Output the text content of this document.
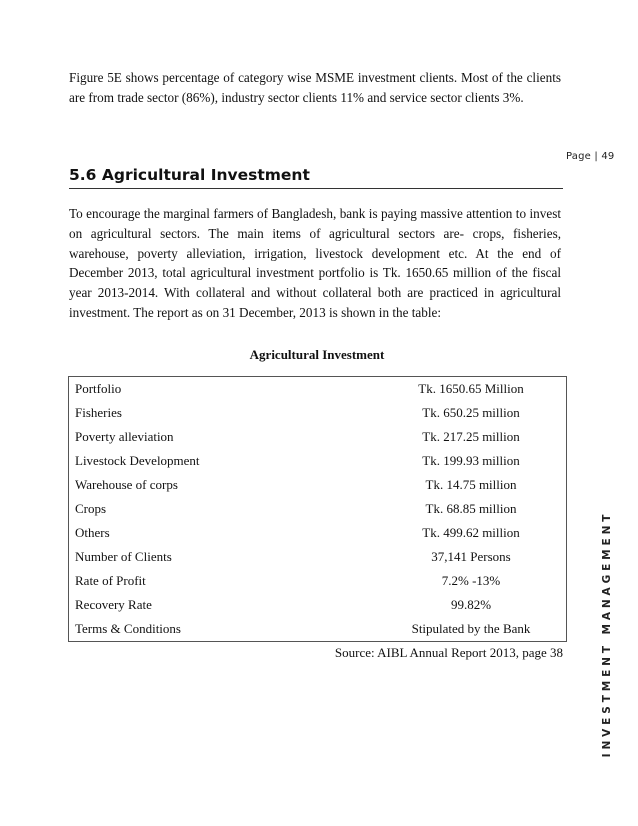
Figure 5E shows percentage of category wise MSME investment clients. Most of the clients are from trade sector (86%), industry sector clients 11% and service sector clients 3%.

Page | 49
5.6 Agricultural Investment

To encourage the marginal farmers of Bangladesh, bank is paying massive attention to invest on agricultural sectors. The main items of agricultural sectors are- crops, fisheries, warehouse, poverty alleviation, irrigation, livestock development etc. At the end of December 2013, total agricultural investment portfolio is Tk. 1650.65 million of the fiscal year 2013-2014. With collateral and without collateral both are practiced in agricultural investment. The report as on 31 December, 2013 is shown in the table:

Agricultural Investment

Portfolio	Tk. 1650.65 Million
Fisheries	Tk. 650.25 million
Poverty alleviation	Tk. 217.25 million
Livestock Development	Tk. 199.93 million
Warehouse of corps	Tk. 14.75 million
Crops	Tk. 68.85 million
Others	Tk. 499.62 million
Number of Clients	37,141 Persons
Rate of Profit	7.2% -13%
Recovery Rate	99.82%
Terms & Conditions	Stipulated by the Bank

Source: AIBL Annual Report 2013, page 38	INVESTMENT MANAGEMENT
